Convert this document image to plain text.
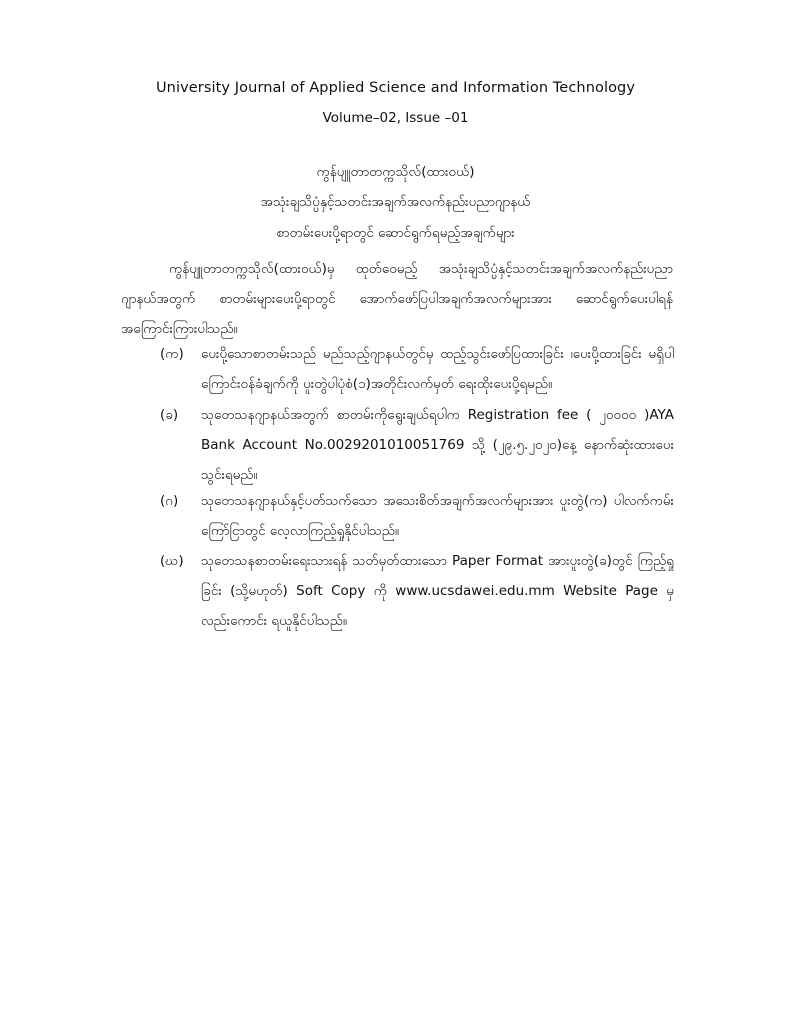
University Journal of Applied Science and Information Technology
Volume–02, Issue –01
ကွန်ပျူတာတက္ကသိုလ်(ထားဝယ်)
အသုံးချသိပ္ပံနှင့်သတင်းအချက်အလက်နည်းပညာဂျာနယ်
စာတမ်းပေးပို့ရာတွင် ဆောင်ရွက်ရမည့်အချက်များ
ကွန်ပျူတာတက္ကသိုလ်(ထားဝယ်)မှ ထုတ်ဝေမည့် အသုံးချသိပ္ပံနှင့်သတင်းအချက်အလက်နည်းပညာဂျာနယ်အတွက် စာတမ်းများပေးပို့ရာတွင် အောက်ဖော်ပြပါအချက်အလက်များအား ဆောင်ရွက်ပေးပါရန် အကြောင်းကြားပါသည်။
(က) ပေးပို့သောစာတမ်းသည် မည်သည့်ဂျာနယ်တွင်မှ ထည့်သွင်းဖော်ပြထားခြင်း ၊ပေးပို့ထားခြင်း မရှိပါကြောင်းဝန်ခံချက်ကို ပူးတွဲပါပုံစံ(၁)အတိုင်းလက်မှတ် ရေးထိုးပေးပို့ရမည်။
(ခ) သုတေသနဂျာနယ်အတွက် စာတမ်းကိုရွေးချယ်ရပါက Registration fee ( ၂၀၀၀၀ )AYA Bank Account No.0029201010051769 သို့ (၂၉.၅.၂၀၂၀)နေ့ နောက်ဆုံးထားပေးသွင်းရမည်။
(ဂ) သုတေသနဂျာနယ်နှင့်ပတ်သက်သော အသေးစိတ်အချက်အလက်များအား ပူးတွဲ(က) ပါလက်ကမ်းကြော်ငြာတွင် လေ့လာကြည့်ရှုနိုင်ပါသည်။
(ဃ) သုတေသနစာတမ်းရေးသားရန် သတ်မှတ်ထားသော Paper Format အားပူးတွဲ(ခ)တွင် ကြည့်ရှုခြင်း (သို့မဟုတ်) Soft Copy ကို www.ucsdawei.edu.mm Website Page မှလည်းကောင်း ရယူနိုင်ပါသည်။
